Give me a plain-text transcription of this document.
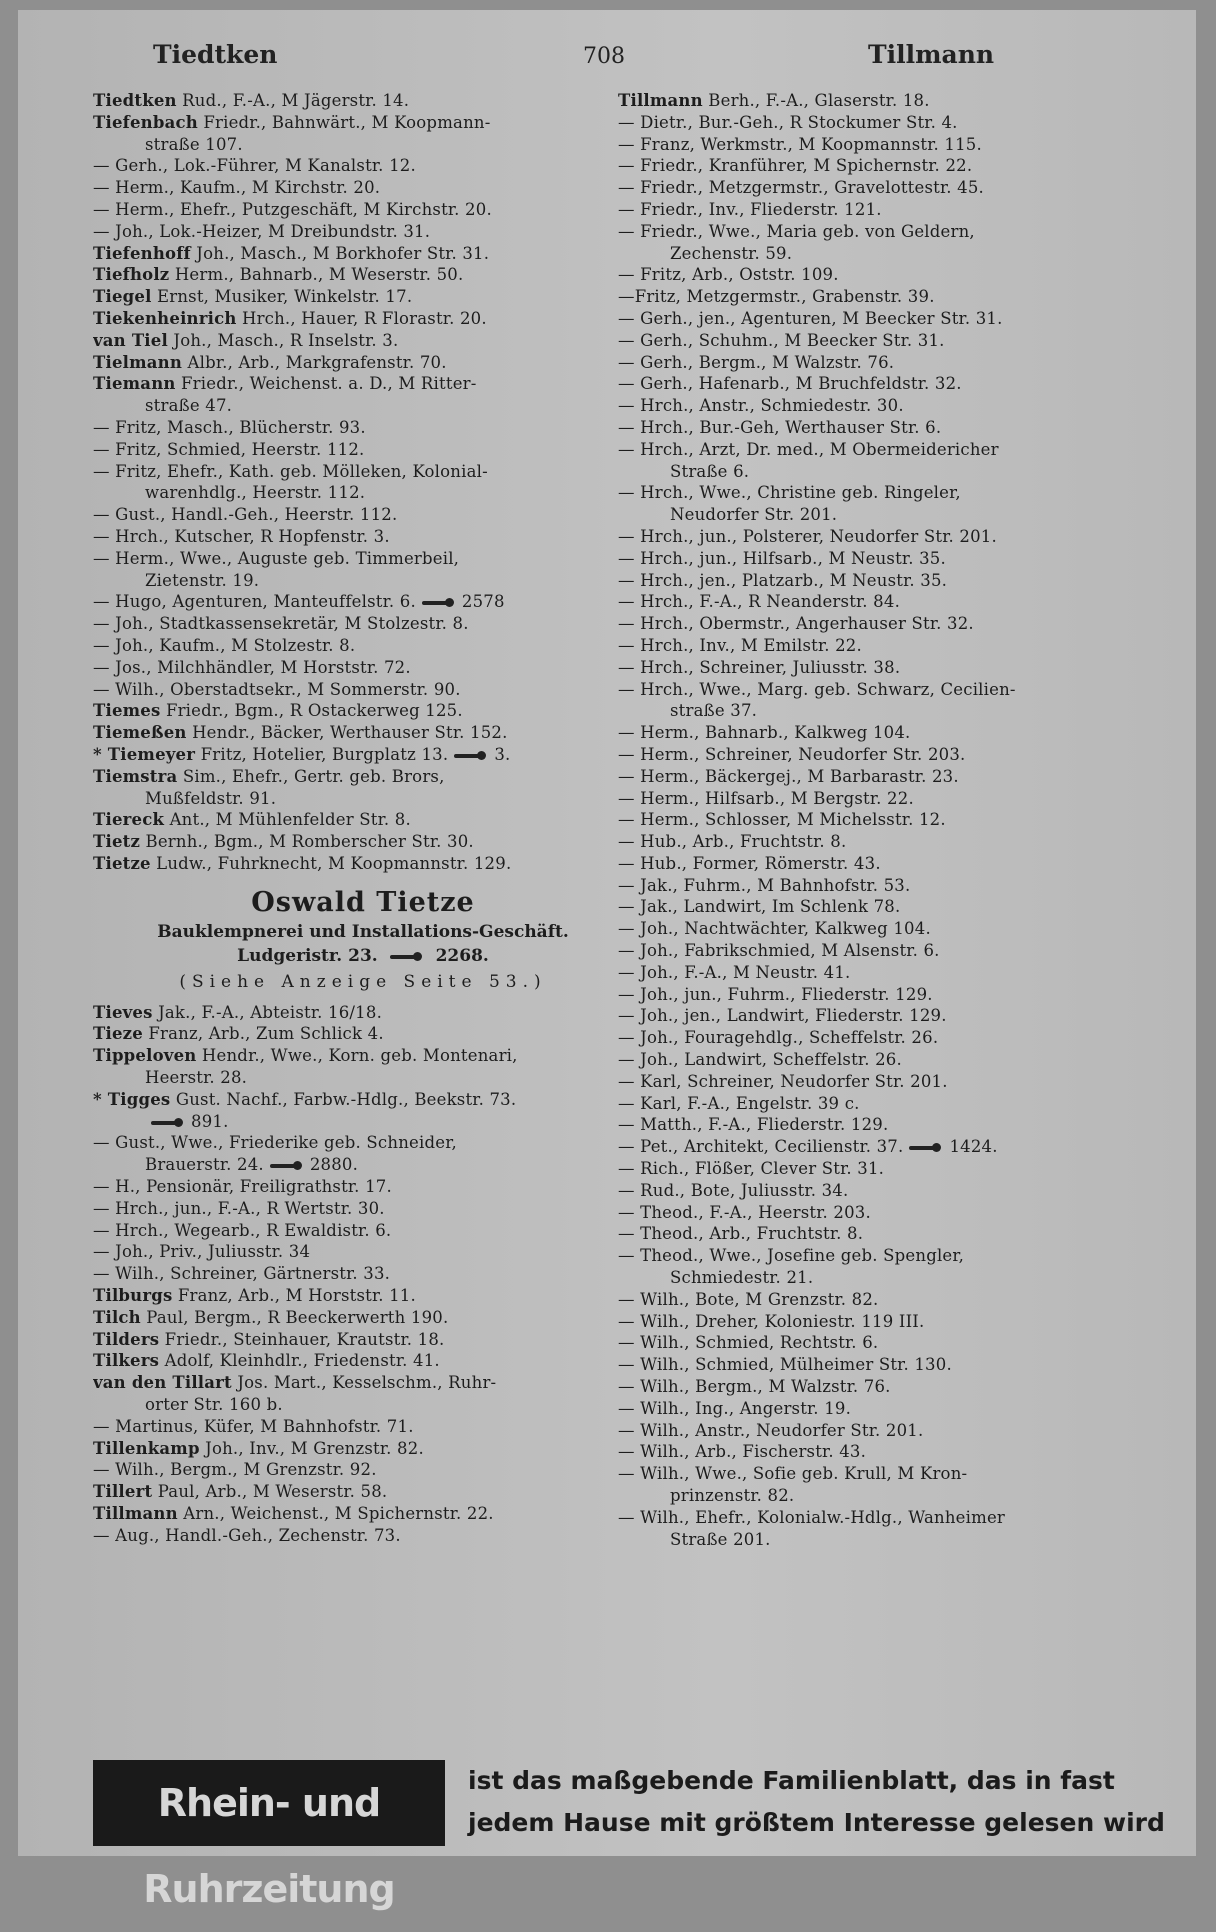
Tiedtken	708	Tillmann
Tiedtken Rud., F.-A., M Jägerstr. 14.
Tiefenbach Friedr., Bahnwärt., M Koopmann-
straße 107.
— Gerh., Lok.-Führer, M Kanalstr. 12.
— Herm., Kaufm., M Kirchstr. 20.
— Herm., Ehefr., Putzgeschäft, M Kirchstr. 20.
— Joh., Lok.-Heizer, M Dreibundstr. 31.
Tiefenhoff Joh., Masch., M Borkhofer Str. 31.
Tiefholz Herm., Bahnarb., M Weserstr. 50.
Tiegel Ernst, Musiker, Winkelstr. 17.
Tiekenheinrich Hrch., Hauer, R Florastr. 20.
van Tiel Joh., Masch., R Inselstr. 3.
Tielmann Albr., Arb., Markgrafenstr. 70.
Tiemann Friedr., Weichenst. a. D., M Ritter-
straße 47.
— Fritz, Masch., Blücherstr. 93.
— Fritz, Schmied, Heerstr. 112.
— Fritz, Ehefr., Kath. geb. Mölleken, Kolonial-
warenhdlg., Heerstr. 112.
— Gust., Handl.-Geh., Heerstr. 112.
— Hrch., Kutscher, R Hopfenstr. 3.
— Herm., Wwe., Auguste geb. Timmerbeil,
Zietenstr. 19.
— Hugo, Agenturen, Manteuffelstr. 6.	2578
— Joh., Stadtkassensekretär, M Stolzestr. 8.
— Joh., Kaufm., M Stolzestr. 8.
— Jos., Milchhändler, M Horststr. 72.
— Wilh., Oberstadtsekr., M Sommerstr. 90.
Tiemes Friedr., Bgm., R Ostackerweg 125.
Tiemeßen Hendr., Bäcker, Werthauser Str. 152.
* Tiemeyer Fritz, Hotelier, Burgplatz 13.	3.
Tiemstra Sim., Ehefr., Gertr. geb. Brors,
Mußfeldstr. 91.
Tiereck Ant., M Mühlenfelder Str. 8.
Tietz Bernh., Bgm., M Romberscher Str. 30.
Tietze Ludw., Fuhrknecht, M Koopmannstr. 129.
Oswald Tietze
Bauklempnerei und Installations-Geschäft.
Ludgeristr. 23.	2268.
(Siehe Anzeige Seite 53.)
Tieves Jak., F.-A., Abteistr. 16/18.
Tieze Franz, Arb., Zum Schlick 4.
Tippeloven Hendr., Wwe., Korn. geb. Montenari,
Heerstr. 28.
* Tigges Gust. Nachf., Farbw.-Hdlg., Beekstr. 73.
891.
— Gust., Wwe., Friederike geb. Schneider,
Brauerstr. 24.	2880.
— H., Pensionär, Freiligrathstr. 17.
— Hrch., jun., F.-A., R Wertstr. 30.
— Hrch., Wegearb., R Ewaldistr. 6.
— Joh., Priv., Juliusstr. 34
— Wilh., Schreiner, Gärtnerstr. 33.
Tilburgs Franz, Arb., M Horststr. 11.
Tilch Paul, Bergm., R Beeckerwerth 190.
Tilders Friedr., Steinhauer, Krautstr. 18.
Tilkers Adolf, Kleinhdlr., Friedenstr. 41.
van den Tillart Jos. Mart., Kesselschm., Ruhr-
orter Str. 160 b.
— Martinus, Küfer, M Bahnhofstr. 71.
Tillenkamp Joh., Inv., M Grenzstr. 82.
— Wilh., Bergm., M Grenzstr. 92.
Tillert Paul, Arb., M Weserstr. 58.
Tillmann Arn., Weichenst., M Spichernstr. 22.
— Aug., Handl.-Geh., Zechenstr. 73.
Tillmann Berh., F.-A., Glaserstr. 18.
— Dietr., Bur.-Geh., R Stockumer Str. 4.
— Franz, Werkmstr., M Koopmannstr. 115.
— Friedr., Kranführer, M Spichernstr. 22.
— Friedr., Metzgermstr., Gravelottestr. 45.
— Friedr., Inv., Fliederstr. 121.
— Friedr., Wwe., Maria geb. von Geldern,
Zechenstr. 59.
— Fritz, Arb., Oststr. 109.
—Fritz, Metzgermstr., Grabenstr. 39.
— Gerh., jen., Agenturen, M Beecker Str. 31.
— Gerh., Schuhm., M Beecker Str. 31.
— Gerh., Bergm., M Walzstr. 76.
— Gerh., Hafenarb., M Bruchfeldstr. 32.
— Hrch., Anstr., Schmiedestr. 30.
— Hrch., Bur.-Geh, Werthauser Str. 6.
— Hrch., Arzt, Dr. med., M Obermeidericher
Straße 6.
— Hrch., Wwe., Christine geb. Ringeler,
Neudorfer Str. 201.
— Hrch., jun., Polsterer, Neudorfer Str. 201.
— Hrch., jun., Hilfsarb., M Neustr. 35.
— Hrch., jen., Platzarb., M Neustr. 35.
— Hrch., F.-A., R Neanderstr. 84.
— Hrch., Obermstr., Angerhauser Str. 32.
— Hrch., Inv., M Emilstr. 22.
— Hrch., Schreiner, Juliusstr. 38.
— Hrch., Wwe., Marg. geb. Schwarz, Cecilien-
straße 37.
— Herm., Bahnarb., Kalkweg 104.
— Herm., Schreiner, Neudorfer Str. 203.
— Herm., Bäckergej., M Barbarastr. 23.
— Herm., Hilfsarb., M Bergstr. 22.
— Herm., Schlosser, M Michelsstr. 12.
— Hub., Arb., Fruchtstr. 8.
— Hub., Former, Römerstr. 43.
— Jak., Fuhrm., M Bahnhofstr. 53.
— Jak., Landwirt, Im Schlenk 78.
— Joh., Nachtwächter, Kalkweg 104.
— Joh., Fabrikschmied, M Alsenstr. 6.
— Joh., F.-A., M Neustr. 41.
— Joh., jun., Fuhrm., Fliederstr. 129.
— Joh., jen., Landwirt, Fliederstr. 129.
— Joh., Fouragehdlg., Scheffelstr. 26.
— Joh., Landwirt, Scheffelstr. 26.
— Karl, Schreiner, Neudorfer Str. 201.
— Karl, F.-A., Engelstr. 39 c.
— Matth., F.-A., Fliederstr. 129.
— Pet., Architekt, Cecilienstr. 37.	1424.
— Rich., Flößer, Clever Str. 31.
— Rud., Bote, Juliusstr. 34.
— Theod., F.-A., Heerstr. 203.
— Theod., Arb., Fruchtstr. 8.
— Theod., Wwe., Josefine geb. Spengler,
Schmiedestr. 21.
— Wilh., Bote, M Grenzstr. 82.
— Wilh., Dreher, Koloniestr. 119 III.
— Wilh., Schmied, Rechtstr. 6.
— Wilh., Schmied, Mülheimer Str. 130.
— Wilh., Bergm., M Walzstr. 76.
— Wilh., Ing., Angerstr. 19.
— Wilh., Anstr., Neudorfer Str. 201.
— Wilh., Arb., Fischerstr. 43.
— Wilh., Wwe., Sofie geb. Krull, M Kron-
prinzenstr. 82.
— Wilh., Ehefr., Kolonialw.-Hdlg., Wanheimer
Straße 201.
Rhein- und Ruhrzeitung
ist das maßgebende Familienblatt, das in fast
jedem Hause mit größtem Interesse gelesen wird
